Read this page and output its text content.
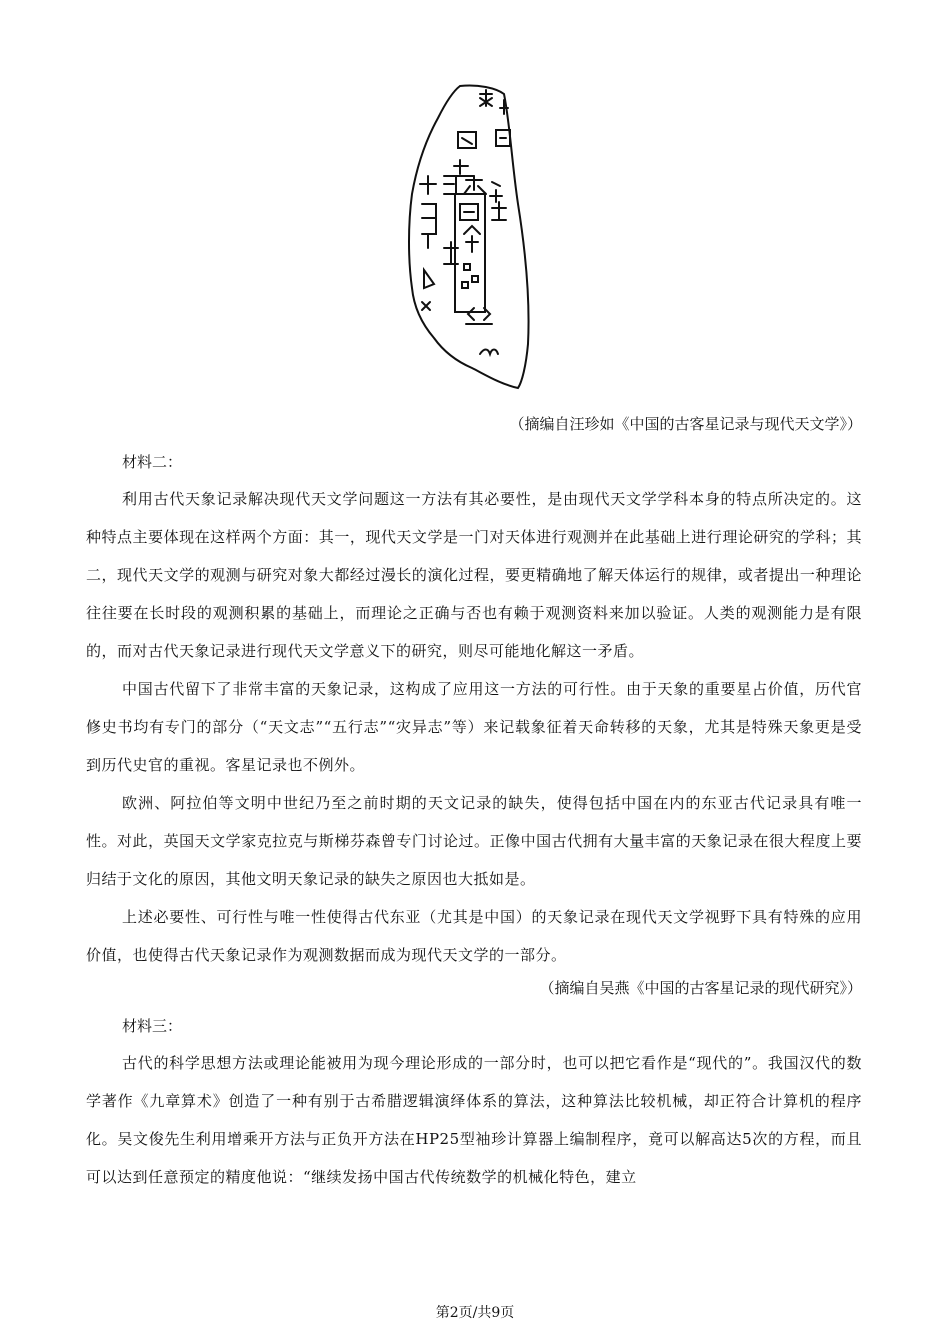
（摘编自汪珍如《中国的古客星记录与现代天文学》）

材料二：

利用古代天象记录解决现代天文学问题这一方法有其必要性，是由现代天文学学科本身的特点所决定的。这种特点主要体现在这样两个方面：其一，现代天文学是一门对天体进行观测并在此基础上进行理论研究的学科；其二，现代天文学的观测与研究对象大都经过漫长的演化过程，要更精确地了解天体运行的规律，或者提出一种理论往往要在长时段的观测积累的基础上，而理论之正确与否也有赖于观测资料来加以验证。人类的观测能力是有限的，而对古代天象记录进行现代天文学意义下的研究，则尽可能地化解这一矛盾。

中国古代留下了非常丰富的天象记录，这构成了应用这一方法的可行性。由于天象的重要星占价值，历代官修史书均有专门的部分（“天文志”“五行志”“灾异志”等）来记载象征着天命转移的天象，尤其是特殊天象更是受到历代史官的重视。客星记录也不例外。

欧洲、阿拉伯等文明中世纪乃至之前时期的天文记录的缺失，使得包括中国在内的东亚古代记录具有唯一性。对此，英国天文学家克拉克与斯梯芬森曾专门讨论过。正像中国古代拥有大量丰富的天象记录在很大程度上要归结于文化的原因，其他文明天象记录的缺失之原因也大抵如是。

上述必要性、可行性与唯一性使得古代东亚（尤其是中国）的天象记录在现代天文学视野下具有特殊的应用价值，也使得古代天象记录作为观测数据而成为现代天文学的一部分。

（摘编自吴燕《中国的古客星记录的现代研究》）

材料三：

古代的科学思想方法或理论能被用为现今理论形成的一部分时，也可以把它看作是“现代的”。我国汉代的数学著作《九章算术》创造了一种有别于古希腊逻辑演绎体系的算法，这种算法比较机械，却正符合计算机的程序化。吴文俊先生利用增乘开方法与正负开方法在HP25型袖珍计算器上编制程序，竟可以解高达5次的方程，而且可以达到任意预定的精度他说：“继续发扬中国古代传统数学的机械化特色，建立

第2页/共9页
